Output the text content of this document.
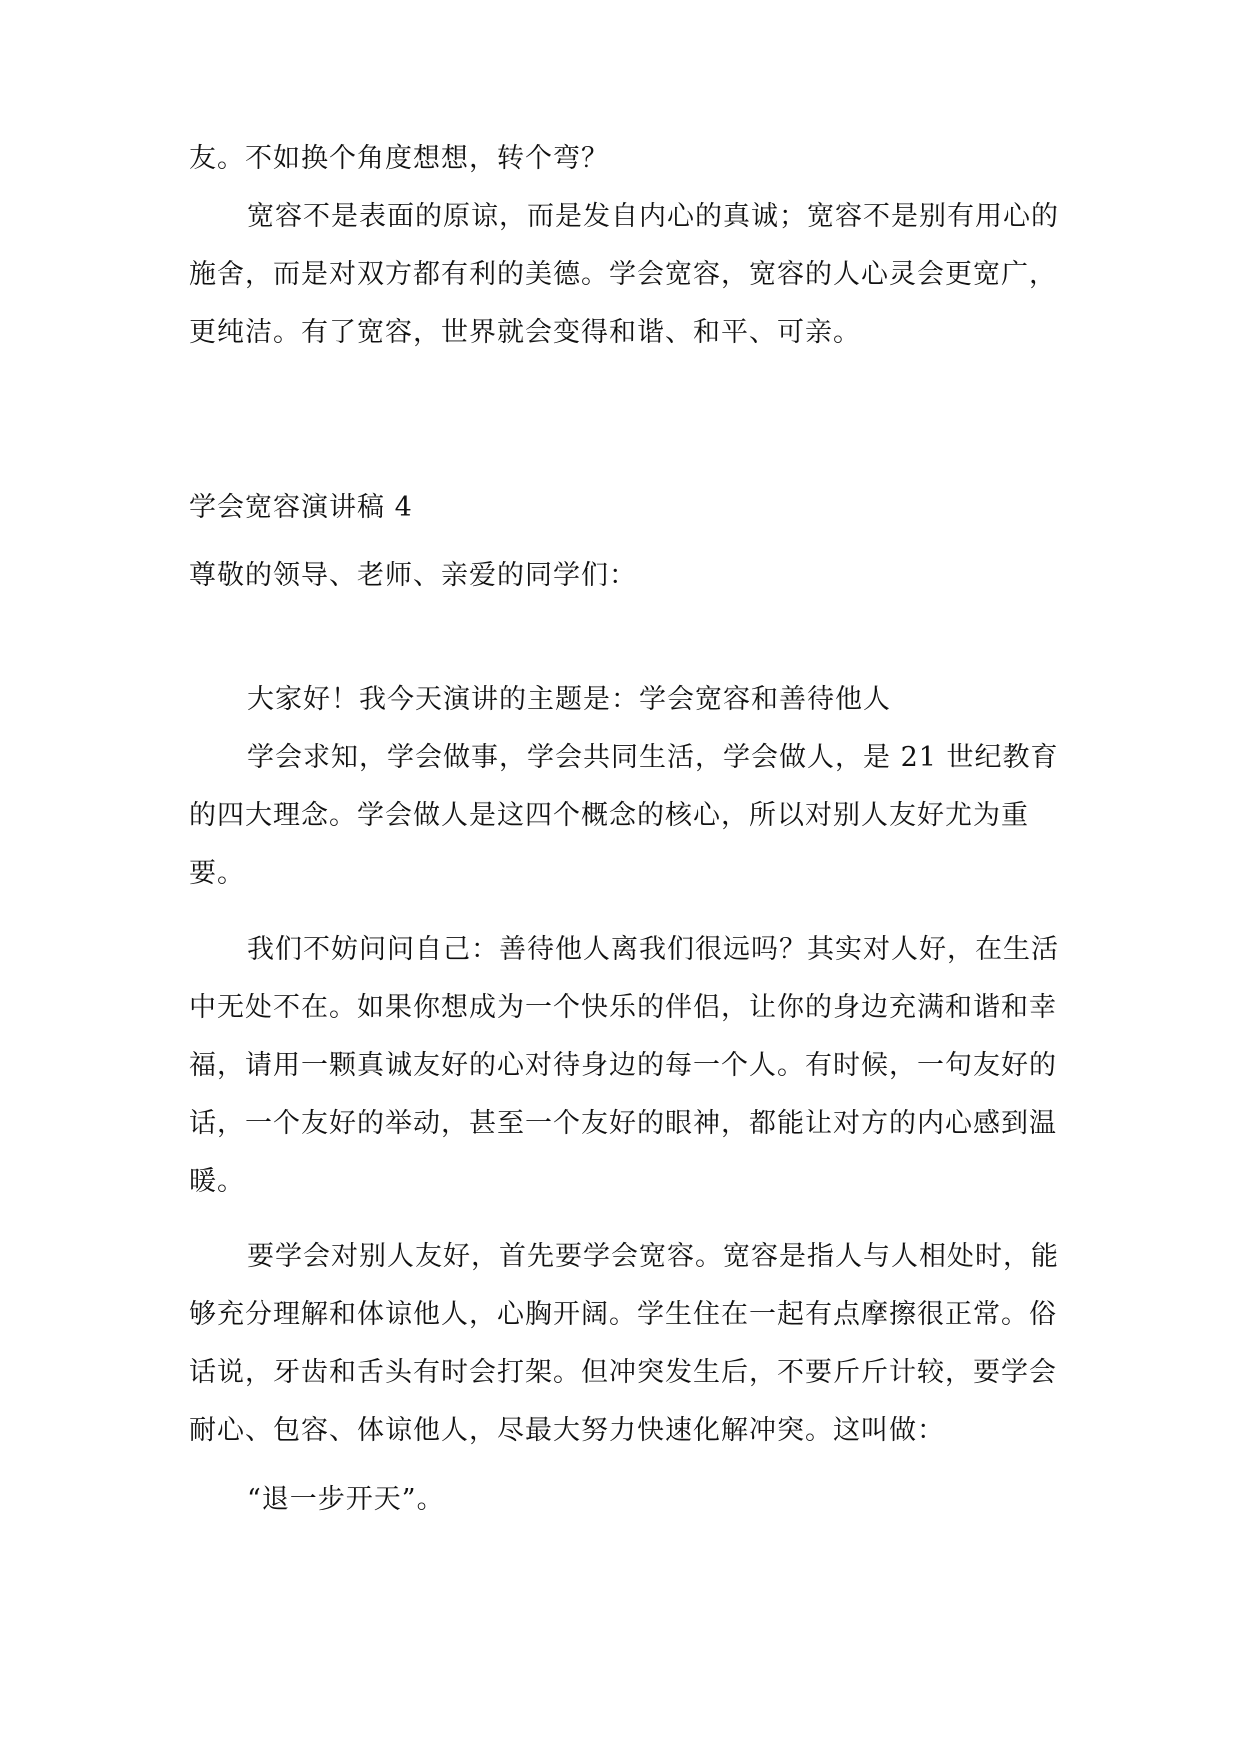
友。不如换个角度想想，转个弯？
宽容不是表面的原谅，而是发自内心的真诚；宽容不是别有用心的施舍，而是对双方都有利的美德。学会宽容，宽容的人心灵会更宽广，更纯洁。有了宽容，世界就会变得和谐、和平、可亲。
学会宽容演讲稿 4
尊敬的领导、老师、亲爱的同学们：
大家好！我今天演讲的主题是：学会宽容和善待他人
学会求知，学会做事，学会共同生活，学会做人，是 21 世纪教育的四大理念。学会做人是这四个概念的核心，所以对别人友好尤为重要。
我们不妨问问自己：善待他人离我们很远吗？其实对人好，在生活中无处不在。如果你想成为一个快乐的伴侣，让你的身边充满和谐和幸福，请用一颗真诚友好的心对待身边的每一个人。有时候，一句友好的话，一个友好的举动，甚至一个友好的眼神，都能让对方的内心感到温暖。
要学会对别人友好，首先要学会宽容。宽容是指人与人相处时，能够充分理解和体谅他人，心胸开阔。学生住在一起有点摩擦很正常。俗话说，牙齿和舌头有时会打架。但冲突发生后，不要斤斤计较，要学会耐心、包容、体谅他人，尽最大努力快速化解冲突。这叫做：
“退一步开天”。
